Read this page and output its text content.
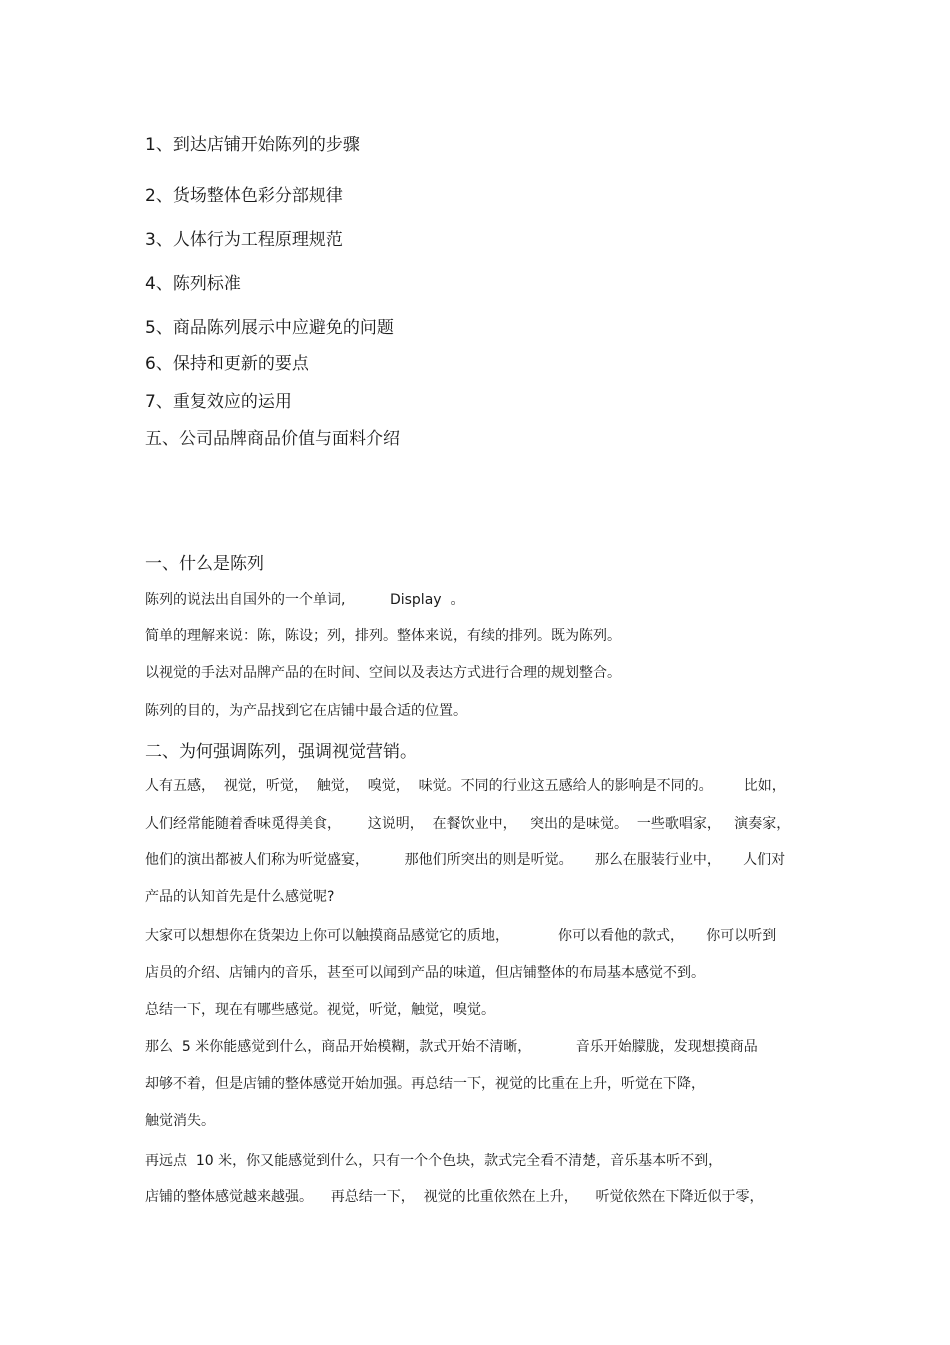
1、到达店铺开始陈列的步骤
2、货场整体色彩分部规律
3、人体行为工程原理规范
4、陈列标准
5、商品陈列展示中应避免的问题
6、保持和更新的要点
7、重复效应的运用
五、公司品牌商品价值与面料介绍
一、什么是陈列
陈列的说法出自国外的一个单词,          Display  。
简单的理解来说：陈，陈设；列，排列。整体来说，有续的排列。既为陈列。
以视觉的手法对品牌产品的在时间、空间以及表达方式进行合理的规划整合。
陈列的目的，为产品找到它在店铺中最合适的位置。
二、为何强调陈列，强调视觉营销。
人有五感，  视觉，听觉，  触觉，  嗅觉，  味觉。不同的行业这五感给人的影响是不同的。       比如，
人们经常能随着香味觅得美食，      这说明，  在餐饮业中，   突出的是味觉。  一些歌唱家，   演奏家，
他们的演出都被人们称为听觉盛宴，        那他们所突出的则是听觉。     那么在服装行业中，     人们对
产品的认知首先是什么感觉呢?
大家可以想想你在货架边上你可以触摸商品感觉它的质地，           你可以看他的款式，     你可以听到
店员的介绍、店铺内的音乐，甚至可以闻到产品的味道，但店铺整体的布局基本感觉不到。
总结一下，现在有哪些感觉。视觉，听觉，触觉，嗅觉。
那么  5 米你能感觉到什么，商品开始模糊，款式开始不清晰，          音乐开始朦胧，发现想摸商品
却够不着，但是店铺的整体感觉开始加强。再总结一下，视觉的比重在上升，听觉在下降，
触觉消失。
再远点  10 米，你又能感觉到什么，只有一个个色块，款式完全看不清楚，音乐基本听不到，
店铺的整体感觉越来越强。    再总结一下，  视觉的比重依然在上升，    听觉依然在下降近似于零，
